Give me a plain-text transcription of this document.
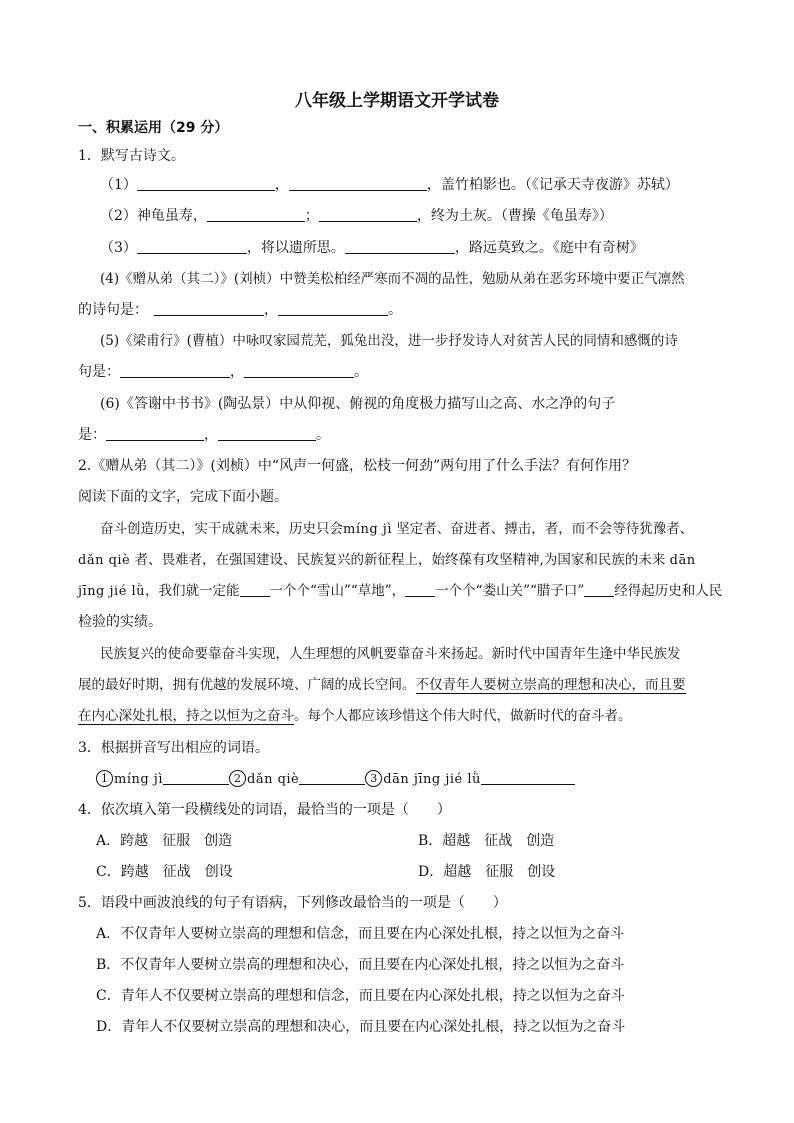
八年级上学期语文开学试卷
一、积累运用（29 分）
1．默写古诗文。
（1）	，	，盖竹柏影也。（《记承天寺夜游》苏轼）
（2）神龟虽寿，	；	，终为土灰。（曹操《龟虽寿》）
（3）	，将以遗所思。	，路远莫致之。《庭中有奇树》
(4)《赠从弟（其二）》(刘桢）中赞美松柏经严寒而不凋的品性，勉励从弟在恶劣环境中要正气凛然
的诗句是：	，	。
(5)《梁甫行》(曹植）中咏叹家园荒芜，狐兔出没，进一步抒发诗人对贫苦人民的同情和感慨的诗
句是：	，	。
(6)《答谢中书书》(陶弘景）中从仰视、俯视的角度极力描写山之高、水之净的句子
是：	，	。
2.《赠从弟（其二）》(刘桢）中“风声一何盛，松枝一何劲”两句用了什么手法？有何作用？
阅读下面的文字，完成下面小题。
奋斗创造历史，实干成就未来，历史只会míng jì 坚定者、奋进者、搏击，者，而不会等待犹豫者、
dǎn qiè 者、畏难者，在强国建设、民族复兴的新征程上，始终葆有攻坚精神,为国家和民族的未来 dān
jīng jié lǜ，我们就一定能 一个个“雪山”“草地”， 一个个“娄山关”“腊子口” 经得起历史和人民
检验的实绩。
民族复兴的使命要靠奋斗实现，人生理想的风帆要靠奋斗来扬起。新时代中国青年生逢中华民族发
展的最好时期，拥有优越的发展环境、广阔的成长空间。不仅青年人要树立崇高的理想和决心，而且要
在内心深处扎根，持之以恒为之奋斗。每个人都应该珍惜这个伟大时代，做新时代的奋斗者。
3．根据拼音写出相应的词语。
1 míng jì	2 dǎn qiè	3 dān jīng jié lǜ
4．依次填入第一段横线处的词语，最恰当的一项是（　　）
A．跨越　征服　创造	B．超越　征战　创造
C．跨越　征战　创设	D．超越　征服　创设
5．语段中画波浪线的句子有语病，下列修改最恰当的一项是（　　）
A．不仅青年人要树立崇高的理想和信念，而且要在内心深处扎根，持之以恒为之奋斗
B．不仅青年人要树立崇高的理想和决心，而且要在内心深处扎根，持之以恒为之奋斗
C．青年人不仅要树立崇高的理想和信念，而且要在内心深处扎根，持之以恒为之奋斗
D．青年人不仅要树立崇高的理想和决心，而且要在内心深处扎根，持之以恒为之奋斗
